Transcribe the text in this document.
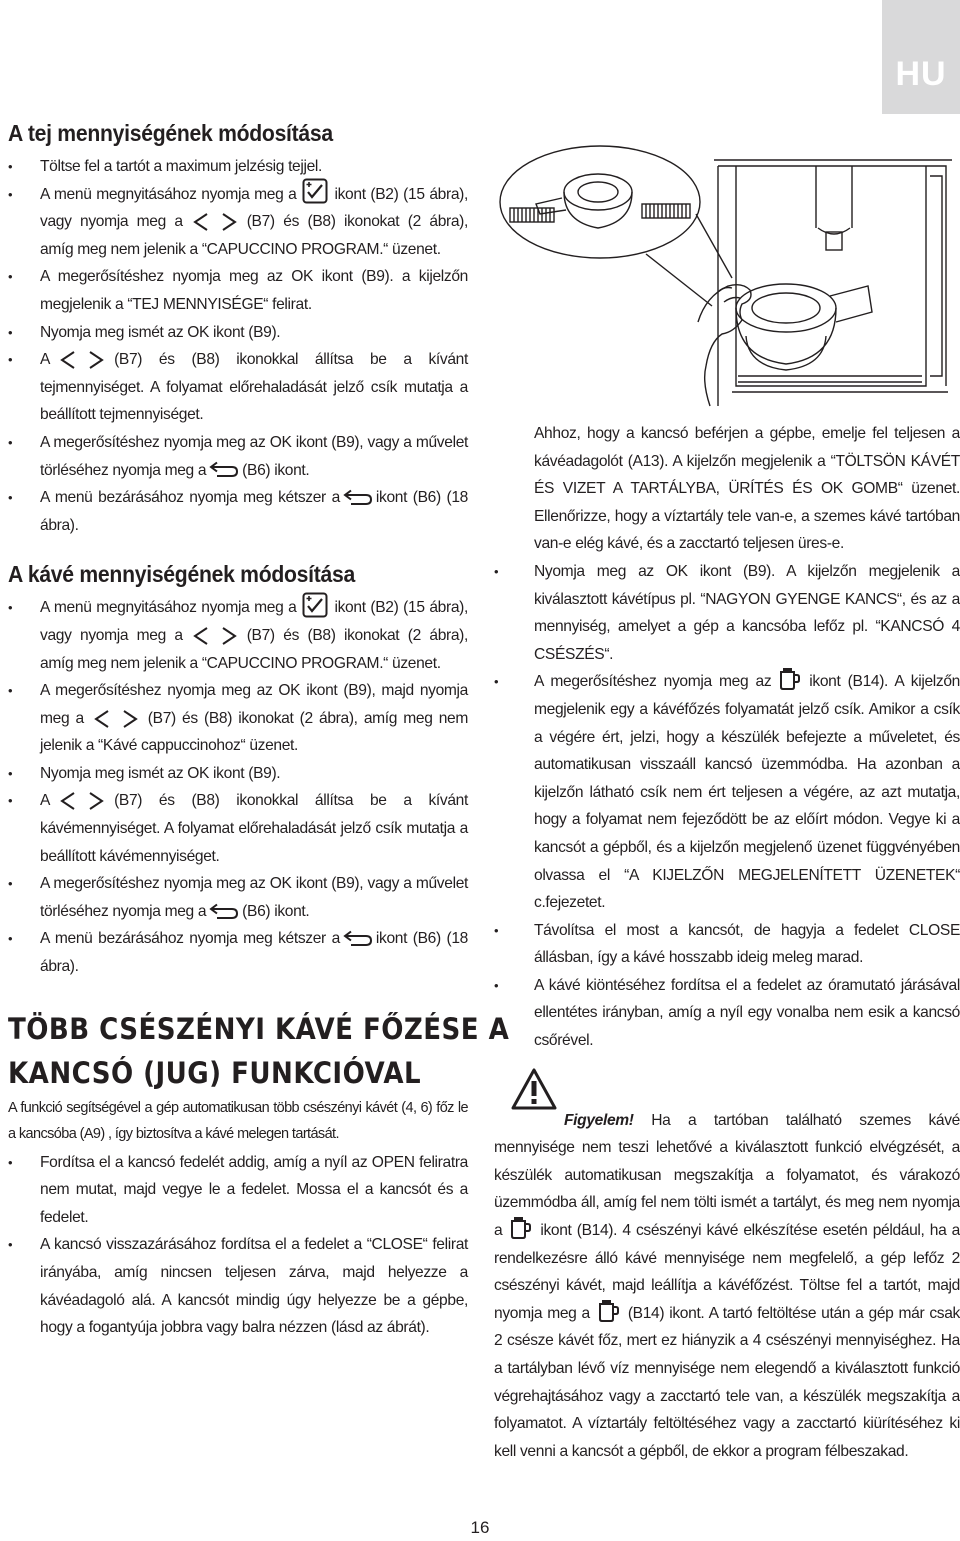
HU
A tej mennyiségének módosítása
• Töltse fel a tartót a maximum jelzésig tejjel.
• A menü megnyitásához nyomja meg a ikont (B2) (15 ábra), vagy nyomja meg a	(B7) és (B8) ikonokat (2 ábra), amíg meg nem jelenik a “CAPUCCINO PROGRAM.“ üzenet.
• A megerősítéshez nyomja meg az OK ikont (B9). a kijelzőn megjelenik a “TEJ MENNYISÉGE“ felirat.
• Nyomja meg ismét az OK ikont (B9).
• A	(B7) és (B8) ikonokkal állítsa be a kívánt tejmennyiséget. A folyamat előrehaladását jelző csík mutatja a beállított tejmennyiséget.
• A megerősítéshez nyomja meg az OK ikont (B9), vagy a művelet törléséhez nyomja meg a (B6) ikont.
• A menü bezárásához nyomja meg kétszer a ikont (B6) (18 ábra).
A kávé mennyiségének módosítása
• A menü megnyitásához nyomja meg a ikont (B2) (15 ábra), vagy nyomja meg a	(B7) és (B8) ikonokat (2 ábra), amíg meg nem jelenik a “CAPUCCINO PROGRAM.“ üzenet.
• A megerősítéshez nyomja meg az OK ikont (B9), majd nyomja meg a	(B7) és (B8) ikonokat (2 ábra), amíg meg nem jelenik a “Kávé cappuccinohoz“ üzenet.
• Nyomja meg ismét az OK ikont (B9).
• A	(B7) és (B8) ikonokkal állítsa be a kívánt kávémennyiséget. A folyamat előrehaladását jelző csík mutatja a beállított kávémennyiséget.
• A megerősítéshez nyomja meg az OK ikont (B9), vagy a művelet törléséhez nyomja meg a (B6) ikont.
• A menü bezárásához nyomja meg kétszer a ikont (B6) (18 ábra).
TÖBB CSÉSZÉNYI KÁVÉ FŐZÉSE A
KANCSÓ (JUG) FUNKCIÓVAL

A funkció segítségével a gép automatikusan több csészényi kávét (4, 6) főz le a kancsóba (A9) , így biztosítva a kávé melegen tartását.

• Fordítsa el a kancsó fedelét addig, amíg a nyíl az OPEN feliratra nem mutat, majd vegye le a fedelet. Mossa el a kancsót és a fedelet.
• A kancsó visszazárásához fordítsa el a fedelet a “CLOSE“ felirat irányába, amíg nincsen teljesen zárva, majd helyezze a kávéadagoló alá. A kancsót mindig úgy helyezze be a gépbe, hogy a fogantyúja jobbra vagy balra nézzen (lásd az ábrát).

Ahhoz, hogy a kancsó beférjen a gépbe, emelje fel teljesen a kávéadagolót (A13). A kijelzőn megjelenik a “TÖLTSÖN KÁVÉT ÉS VIZET A TARTÁLYBA, ÜRÍTÉS ÉS OK GOMB“ üzenet. Ellenőrizze, hogy a víztartály tele van-e, a szemes kávé tartóban van-e elég kávé, és a zacctartó teljesen üres-e.

• Nyomja meg az OK ikont (B9). A kijelzőn megjelenik a kiválasztott kávétípus pl. “NAGYON GYENGE KANCS“, és az a mennyiség, amelyet a gép a kancsóba lefőz pl. “KANCSÓ 4 CSÉSZÉS“.
• A megerősítéshez nyomja meg az ikont (B14). A kijelzőn megjelenik egy a kávéfőzés folyamatát jelző csík. Amikor a csík a végére ért, jelzi, hogy a készülék befejezte a műveletet, és automatikusan visszaáll kancsó üzemmódba. Ha azonban a kijelzőn látható csík nem ért teljesen a végére, az azt mutatja, hogy a folyamat nem fejeződött be az előírt módon. Vegye ki a kancsót a gépből, és a kijelzőn megjelenő üzenet függvényében olvassa el “A KIJELZŐN MEGJELENÍTETT ÜZENETEK“ c.fejezetet.
• Távolítsa el most a kancsót, de hagyja a fedelet CLOSE állásban, így a kávé hosszabb ideig meleg marad.
• A kávé kiöntéséhez fordítsa el a fedelet az óramutató járásával ellentétes irányban, amíg a nyíl egy vonalba nem esik a kancsó csőrével.

Figyelem! Ha a tartóban található szemes kávé mennyisége nem teszi lehetővé a kiválasztott funkció elvégzését, a készülék automatikusan megszakítja a folyamatot, és várakozó üzemmódba áll, amíg fel nem tölti ismét a tartályt, és meg nem nyomja a ikont (B14). 4 csészényi kávé elkészítése esetén például, ha a rendelkezésre álló kávé mennyisége nem megfelelő, a gép lefőz 2 csészényi kávét, majd leállítja a kávéfőzést. Töltse fel a tartót, majd nyomja meg a (B14) ikont. A tartó feltöltése után a gép már csak 2 csésze kávét főz, mert ez hiányzik a 4 csészényi mennyiséghez. Ha a tartályban lévő víz mennyisége nem elegendő a kiválasztott funkció végrehajtásához vagy a zacctartó tele van, a készülék megszakítja a folyamatot. A víztartály feltöltéséhez vagy a zacctartó kiürítéséhez ki kell venni a kancsót a gépből, de ekkor a program félbeszakad.

16
